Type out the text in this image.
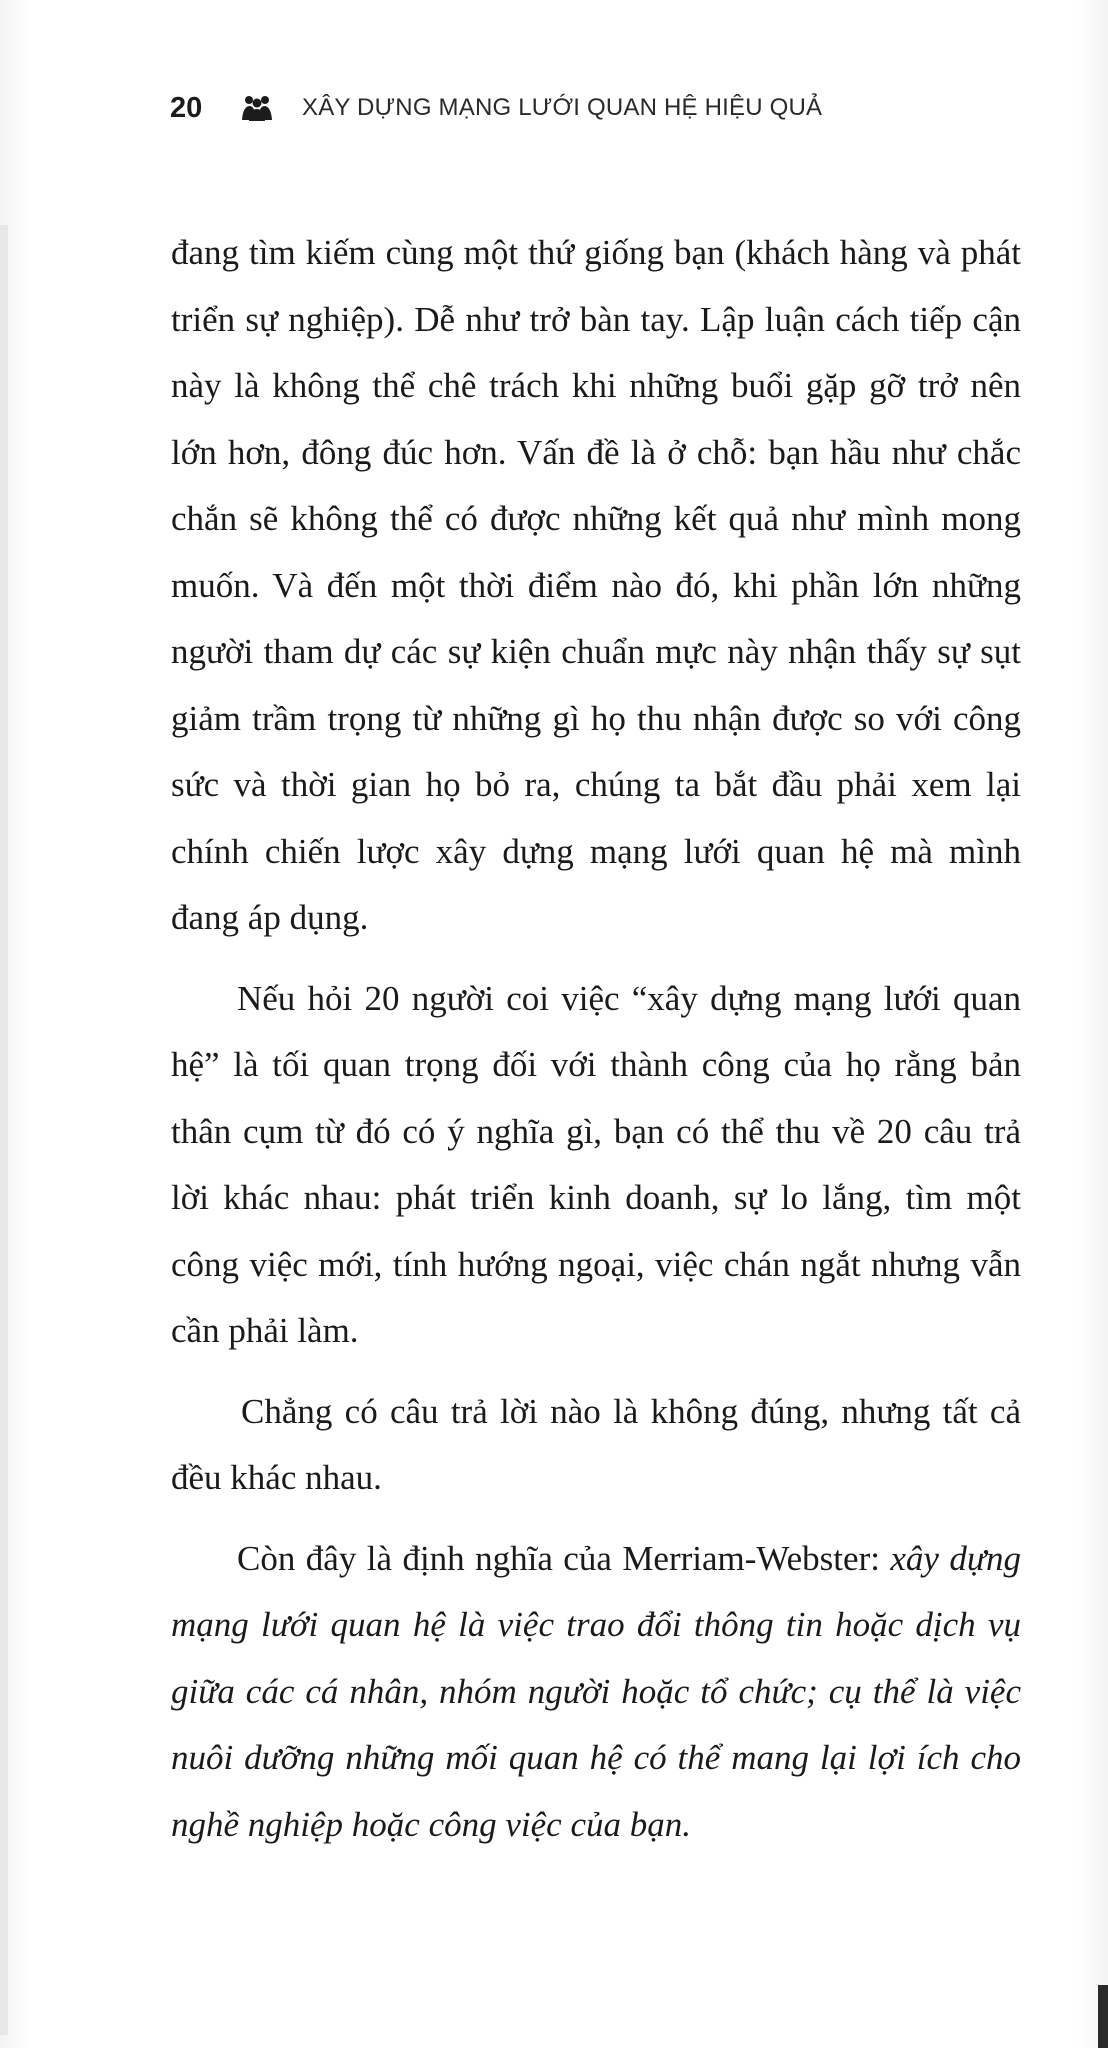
20	XÂY DỰNG MẠNG LƯỚI QUAN HỆ HIỆU QUẢ

đang tìm kiếm cùng một thứ giống bạn (khách hàng và phát triển sự nghiệp). Dễ như trở bàn tay. Lập luận cách tiếp cận này là không thể chê trách khi những buổi gặp gỡ trở nên lớn hơn, đông đúc hơn. Vấn đề là ở chỗ: bạn hầu như chắc chắn sẽ không thể có được những kết quả như mình mong muốn. Và đến một thời điểm nào đó, khi phần lớn những người tham dự các sự kiện chuẩn mực này nhận thấy sự sụt giảm trầm trọng từ những gì họ thu nhận được so với công sức và thời gian họ bỏ ra, chúng ta bắt đầu phải xem lại chính chiến lược xây dựng mạng lưới quan hệ mà mình đang áp dụng.

Nếu hỏi 20 người coi việc “xây dựng mạng lưới quan hệ” là tối quan trọng đối với thành công của họ rằng bản thân cụm từ đó có ý nghĩa gì, bạn có thể thu về 20 câu trả lời khác nhau: phát triển kinh doanh, sự lo lắng, tìm một công việc mới, tính hướng ngoại, việc chán ngắt nhưng vẫn cần phải làm.

Chẳng có câu trả lời nào là không đúng, nhưng tất cả đều khác nhau.

Còn đây là định nghĩa của Merriam-Webster: xây dựng mạng lưới quan hệ là việc trao đổi thông tin hoặc dịch vụ giữa các cá nhân, nhóm người hoặc tổ chức; cụ thể là việc nuôi dưỡng những mối quan hệ có thể mang lại lợi ích cho nghề nghiệp hoặc công việc của bạn.
